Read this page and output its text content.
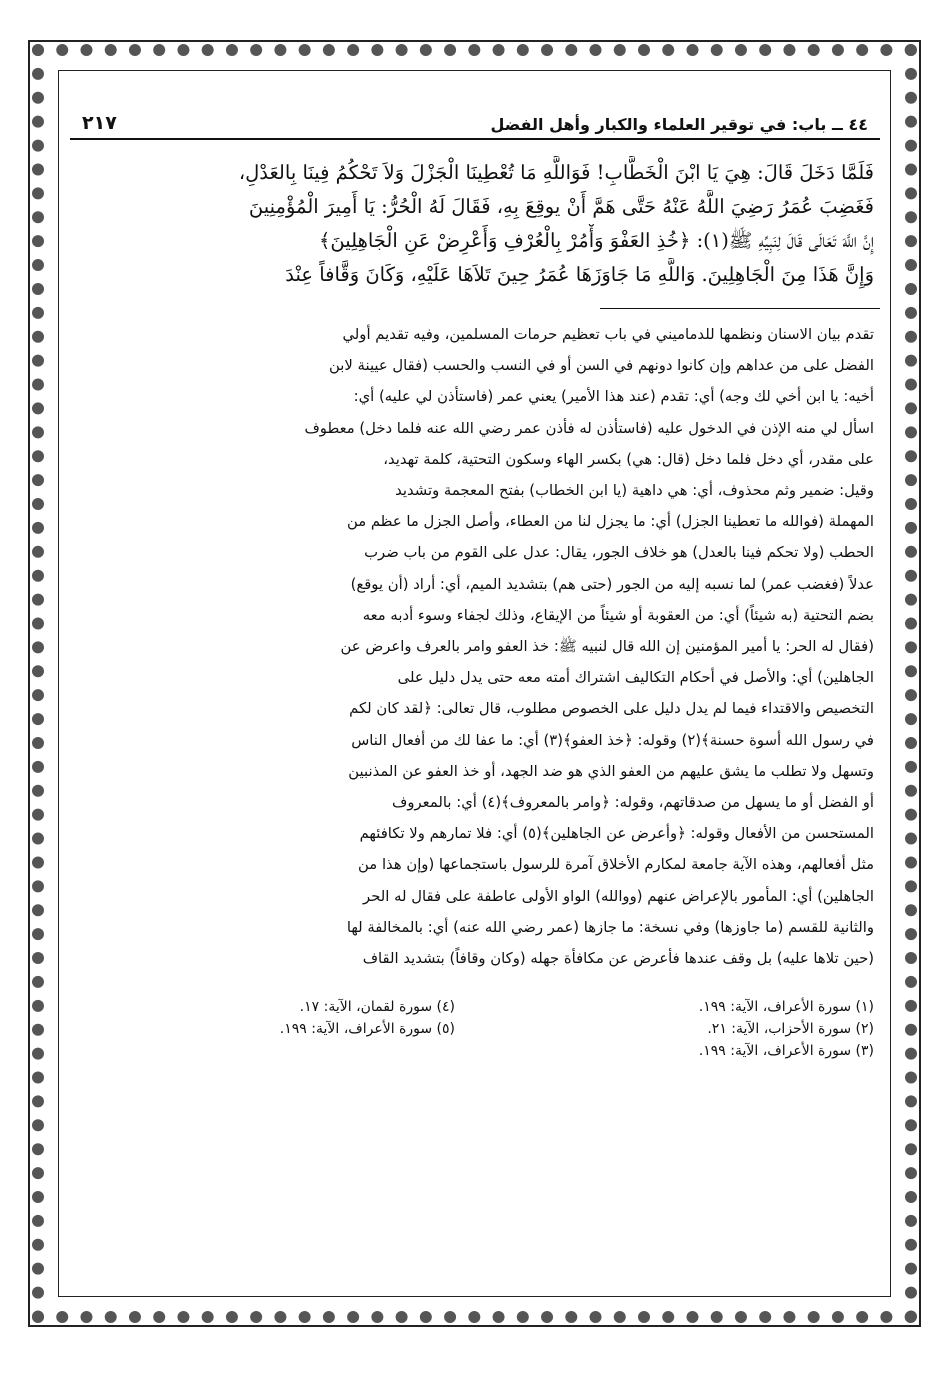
٤٤ ــ باب: في توقير العلماء والكبار وأهل الفضل
٢١٧
فَلَمَّا دَخَلَ قَالَ: هِيَ يَا ابْنَ الْخَطَّابِ! فَوَاللَّهِ مَا تُعْطِينَا الْجَزْلَ وَلاَ تَحْكُمُ فِينَا بِالعَدْلِ،
فَغَضِبَ عُمَرُ رَضِيَ اللَّهُ عَنْهُ حَتَّى هَمَّ أَنْ يوقِعَ بِهِ، فَقَالَ لَهُ الْحُرُّ: يَا أَمِيرَ الْمُؤْمِنِينَ
إِنَّ اللَّهَ تَعَالَى قَالَ لِنَبِيِّهِ ﷺ(١): ﴿خُذِ العَفْوَ وَأْمُرْ بِالْعُرْفِ وَأَعْرِضْ عَنِ الْجَاهِلِينَ﴾
وَإِنَّ هَذَا مِنَ الْجَاهِلِينَ. وَاللَّهِ مَا جَاوَزَهَا عُمَرُ حِينَ تَلاَهَا عَلَيْهِ، وَكَانَ وَقَّافاً عِنْدَ
تقدم بيان الاسنان ونظمها للدماميني في باب تعظيم حرمات المسلمين، وفيه تقديم أولي
الفضل على من عداهم وإن كانوا دونهم في السن أو في النسب والحسب (فقال عيينة لابن
أخيه: يا ابن أخي لك وجه) أي: تقدم (عند هذا الأمير) يعني عمر (فاستأذن لي عليه) أي:
اسأل لي منه الإذن في الدخول عليه (فاستأذن له فأذن عمر رضي الله عنه فلما دخل) معطوف
على مقدر، أي دخل فلما دخل (قال: هي) بكسر الهاء وسكون التحتية، كلمة تهديد،
وقيل: ضمير وثم محذوف، أي: هي داهية (يا ابن الخطاب) بفتح المعجمة وتشديد
المهملة (فوالله ما تعطينا الجزل) أي: ما يجزل لنا من العطاء، وأصل الجزل ما عظم من
الحطب (ولا تحكم فينا بالعدل) هو خلاف الجور، يقال: عدل على القوم من باب ضرب
عدلاً (فغضب عمر) لما نسبه إليه من الجور (حتى هم) بتشديد الميم، أي: أراد (أن يوقع)
بضم التحتية (به شيئاً) أي: من العقوبة أو شيئاً من الإيقاع، وذلك لجفاء وسوء أدبه معه
(فقال له الحر: يا أمير المؤمنين إن الله قال لنبيه ﷺ: خذ العفو وامر بالعرف واعرض عن
الجاهلين) أي: والأصل في أحكام التكاليف اشتراك أمته معه حتى يدل دليل على
التخصيص والاقتداء فيما لم يدل دليل على الخصوص مطلوب، قال تعالى: ﴿لقد كان لكم
في رسول الله أسوة حسنة﴾(٢) وقوله: ﴿خذ العفو﴾(٣) أي: ما عفا لك من أفعال الناس
وتسهل ولا تطلب ما يشق عليهم من العفو الذي هو ضد الجهد، أو خذ العفو عن المذنبين
أو الفضل أو ما يسهل من صدقاتهم، وقوله: ﴿وامر بالمعروف﴾(٤) أي: بالمعروف
المستحسن من الأفعال وقوله: ﴿وأعرض عن الجاهلين﴾(٥) أي: فلا تمارهم ولا تكافئهم
مثل أفعالهم، وهذه الآية جامعة لمكارم الأخلاق آمرة للرسول باستجماعها (وإن هذا من
الجاهلين) أي: المأمور بالإعراض عنهم (ووالله) الواو الأولى عاطفة على فقال له الحر
والثانية للقسم (ما جاوزها) وفي نسخة: ما جازها (عمر رضي الله عنه) أي: بالمخالفة لها
(حين تلاها عليه) بل وقف عندها فأعرض عن مكافأة جهله (وكان وقافاً) بتشديد القاف
(١) سورة الأعراف، الآية: ١٩٩.
(٢) سورة الأحزاب، الآية: ٢١.
(٣) سورة الأعراف، الآية: ١٩٩.
(٤) سورة لقمان، الآية: ١٧.
(٥) سورة الأعراف، الآية: ١٩٩.
